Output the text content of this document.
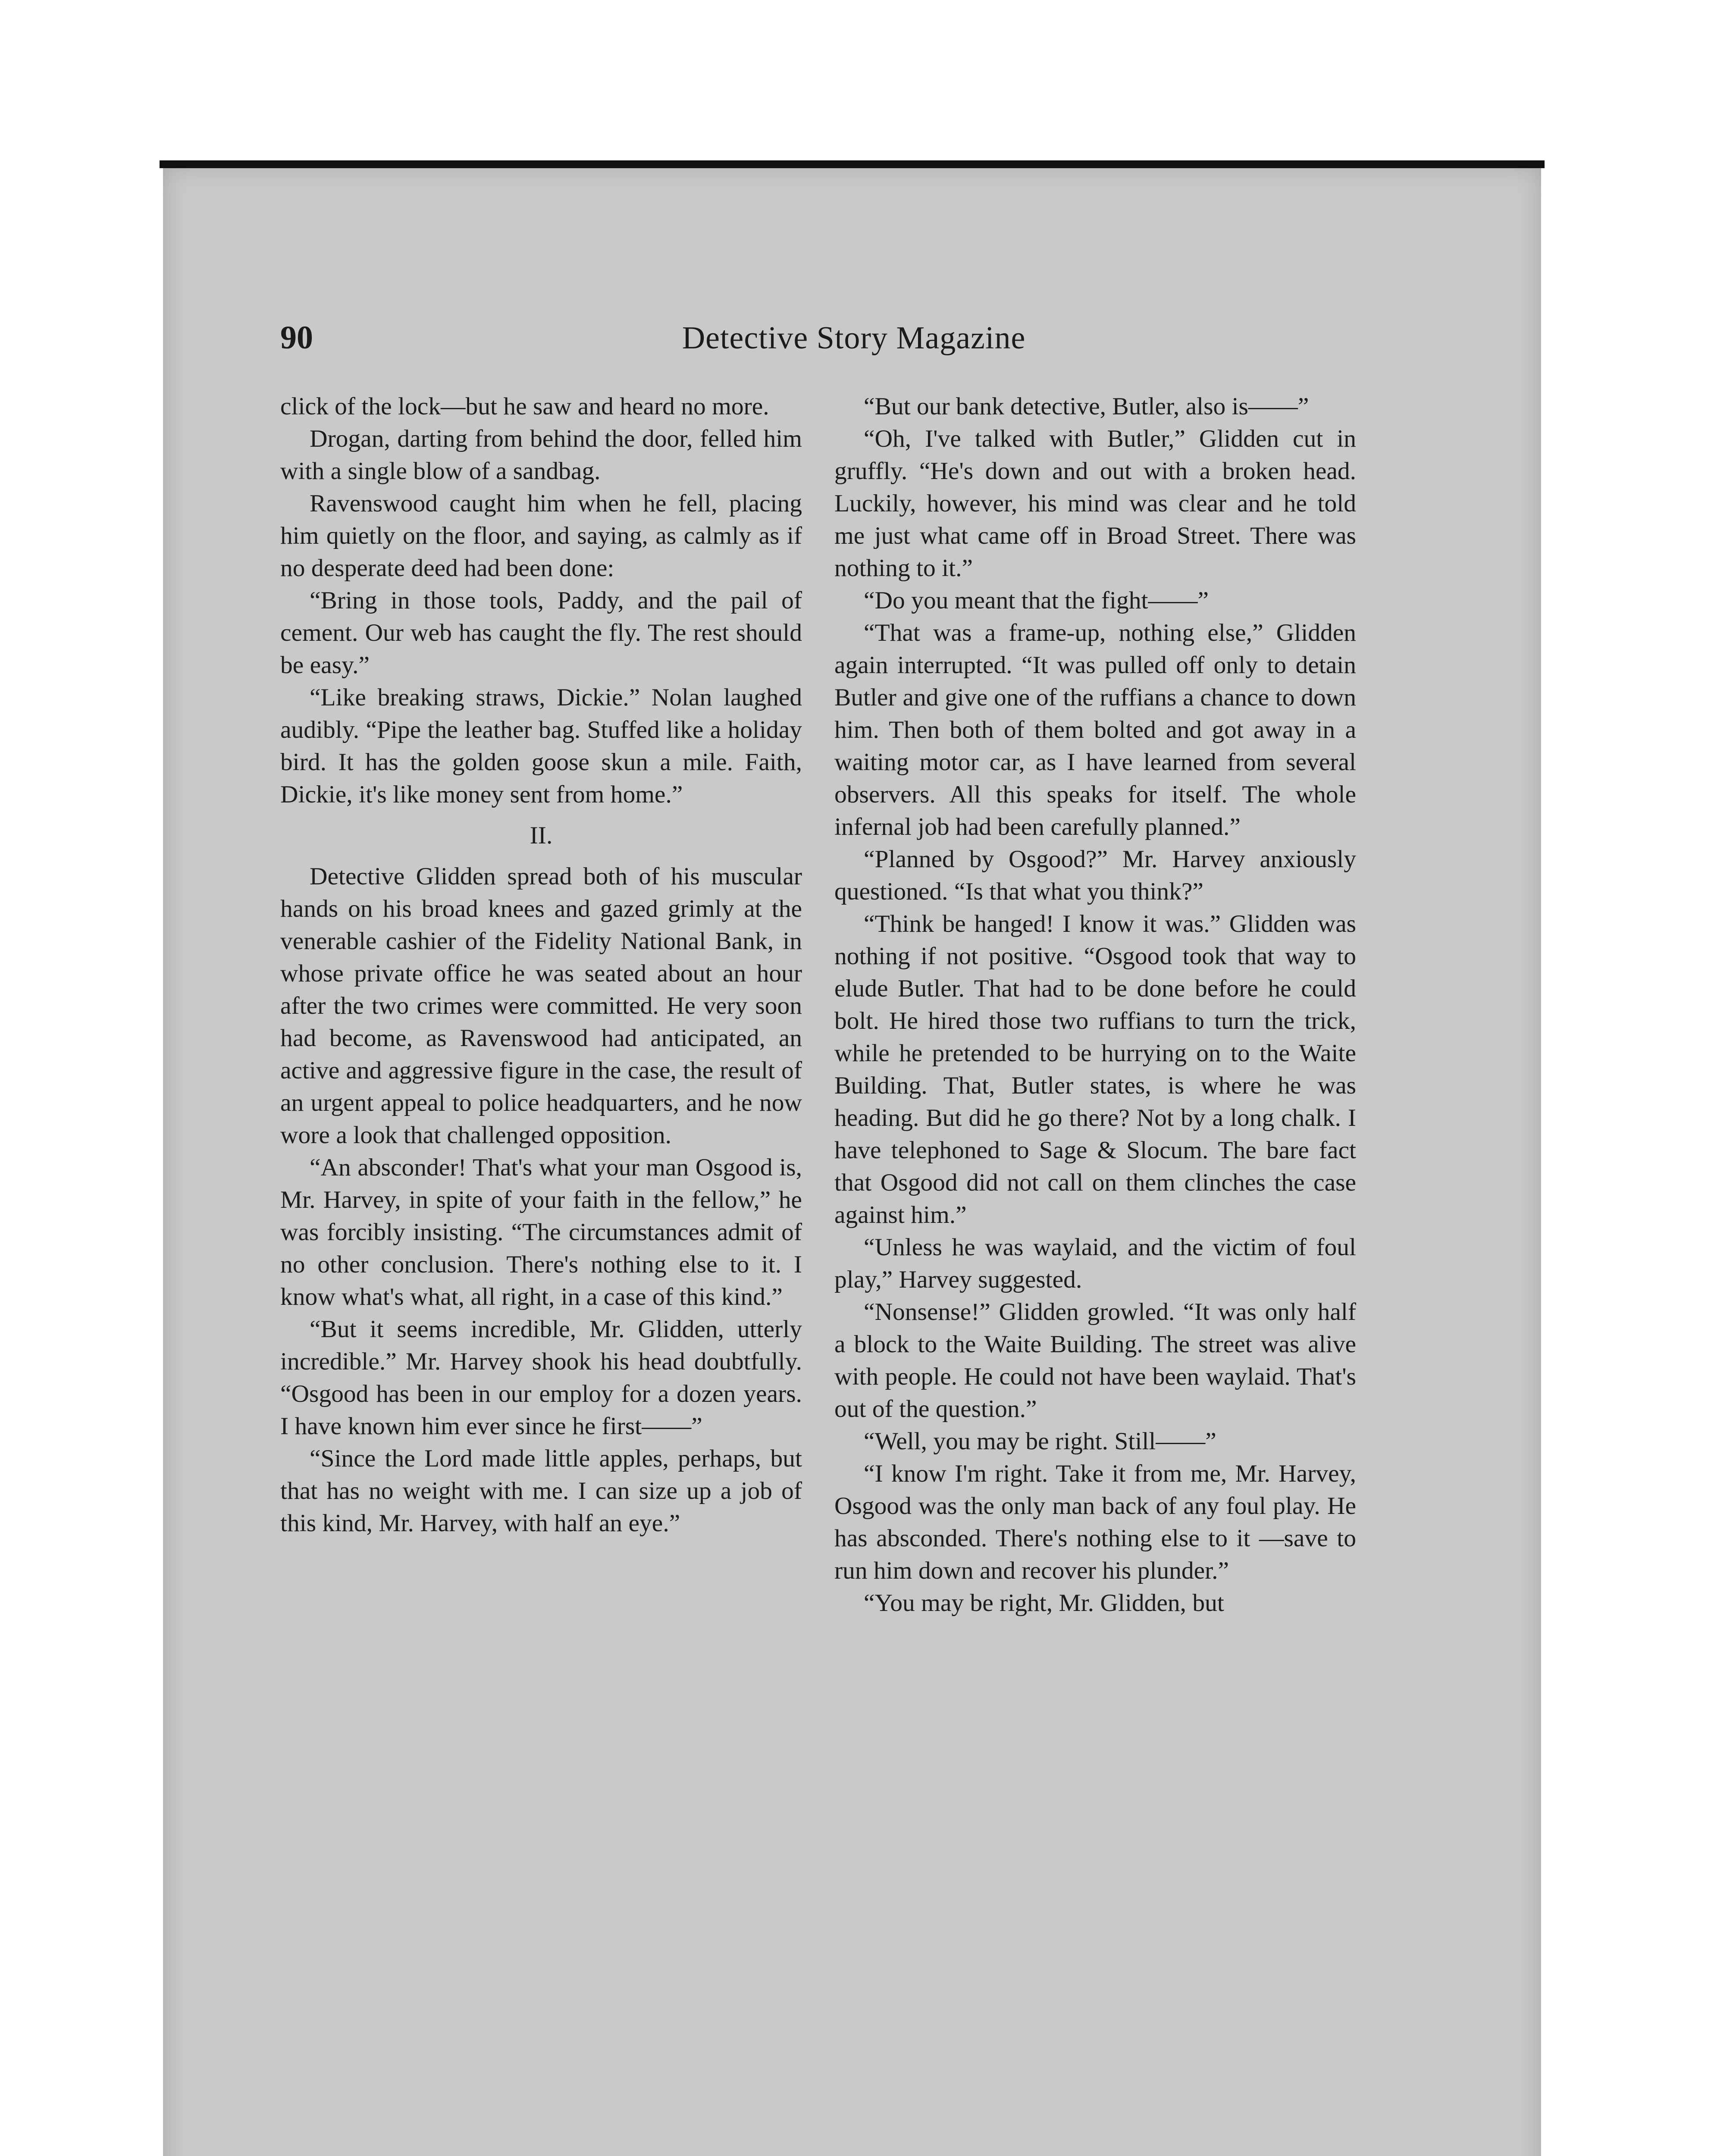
90	Detective Story Magazine

click of the lock—but he saw and heard no more.

Drogan, darting from behind the door, felled him with a single blow of a sandbag.

Ravenswood caught him when he fell, placing him quietly on the floor, and saying, as calmly as if no desperate deed had been done:

“Bring in those tools, Paddy, and the pail of cement. Our web has caught the fly. The rest should be easy.”

“Like breaking straws, Dickie.” Nolan laughed audibly. “Pipe the leather bag. Stuffed like a holiday bird. It has the golden goose skun a mile. Faith, Dickie, it's like money sent from home.”

II.

Detective Glidden spread both of his muscular hands on his broad knees and gazed grimly at the venerable cashier of the Fidelity National Bank, in whose private office he was seated about an hour after the two crimes were committed. He very soon had become, as Ravenswood had anticipated, an active and aggressive figure in the case, the result of an urgent appeal to police headquarters, and he now wore a look that challenged opposition.

“An absconder! That's what your man Osgood is, Mr. Harvey, in spite of your faith in the fellow,” he was forcibly insisting. “The circumstances admit of no other conclusion. There's nothing else to it. I know what's what, all right, in a case of this kind.”

“But it seems incredible, Mr. Glidden, utterly incredible.” Mr. Harvey shook his head doubtfully. “Osgood has been in our employ for a dozen years. I have known him ever since he first——”

“Since the Lord made little apples, perhaps, but that has no weight with me. I can size up a job of this kind, Mr. Harvey, with half an eye.”

“But our bank detective, Butler, also is——”

“Oh, I've talked with Butler,” Glidden cut in gruffly. “He's down and out with a broken head. Luckily, however, his mind was clear and he told me just what came off in Broad Street. There was nothing to it.”

“Do you meant that the fight——”

“That was a frame-up, nothing else,” Glidden again interrupted. “It was pulled off only to detain Butler and give one of the ruffians a chance to down him. Then both of them bolted and got away in a waiting motor car, as I have learned from several observers. All this speaks for itself. The whole infernal job had been carefully planned.”

“Planned by Osgood?” Mr. Harvey anxiously questioned. “Is that what you think?”

“Think be hanged! I know it was.” Glidden was nothing if not positive. “Osgood took that way to elude Butler. That had to be done before he could bolt. He hired those two ruffians to turn the trick, while he pretended to be hurrying on to the Waite Building. That, Butler states, is where he was heading. But did he go there? Not by a long chalk. I have telephoned to Sage & Slocum. The bare fact that Osgood did not call on them clinches the case against him.”

“Unless he was waylaid, and the victim of foul play,” Harvey suggested.

“Nonsense!” Glidden growled. “It was only half a block to the Waite Building. The street was alive with people. He could not have been waylaid. That's out of the question.”

“Well, you may be right. Still——”

“I know I'm right. Take it from me, Mr. Harvey, Osgood was the only man back of any foul play. He has absconded. There's nothing else to it —save to run him down and recover his plunder.”

“You may be right, Mr. Glidden, but
